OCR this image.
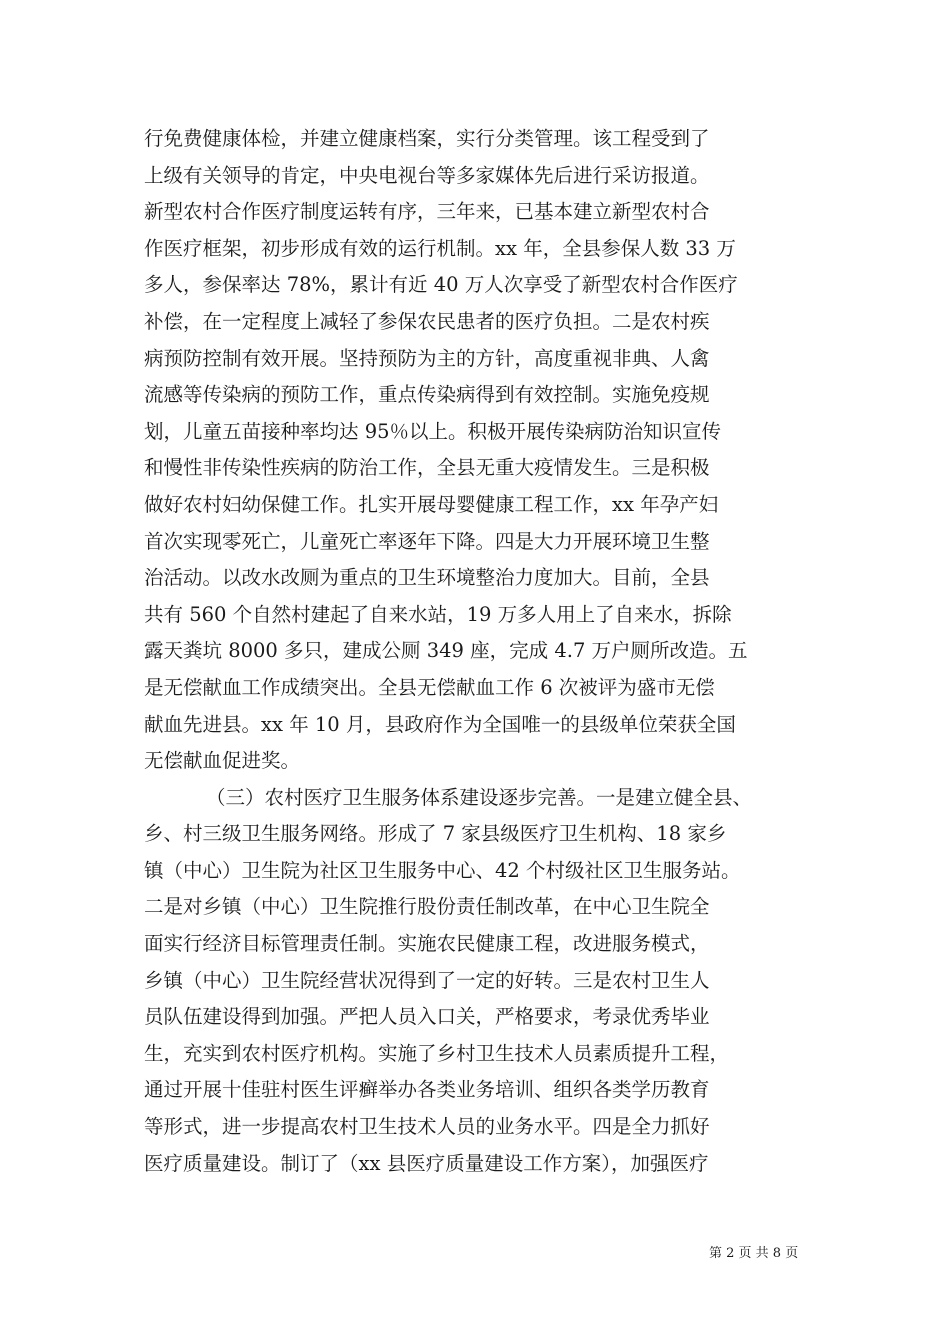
行免费健康体检，并建立健康档案，实行分类管理。该工程受到了
上级有关领导的肯定，中央电视台等多家媒体先后进行采访报道。
新型农村合作医疗制度运转有序，三年来，已基本建立新型农村合
作医疗框架，初步形成有效的运行机制。xx 年，全县参保人数 33 万
多人，参保率达 78%，累计有近 40 万人次享受了新型农村合作医疗
补偿，在一定程度上减轻了参保农民患者的医疗负担。二是农村疾
病预防控制有效开展。坚持预防为主的方针，高度重视非典、人禽
流感等传染病的预防工作，重点传染病得到有效控制。实施免疫规
划，儿童五苗接种率均达 95％以上。积极开展传染病防治知识宣传
和慢性非传染性疾病的防治工作，全县无重大疫情发生。三是积极
做好农村妇幼保健工作。扎实开展母婴健康工程工作，xx 年孕产妇
首次实现零死亡，儿童死亡率逐年下降。四是大力开展环境卫生整
治活动。以改水改厕为重点的卫生环境整治力度加大。目前，全县
共有 560 个自然村建起了自来水站，19 万多人用上了自来水，拆除
露天粪坑 8000 多只，建成公厕 349 座，完成 4.7 万户厕所改造。五
是无偿献血工作成绩突出。全县无偿献血工作 6 次被评为盛市无偿
献血先进县。xx 年 10 月，县政府作为全国唯一的县级单位荣获全国
无偿献血促进奖。
（三）农村医疗卫生服务体系建设逐步完善。一是建立健全县、
乡、村三级卫生服务网络。形成了 7 家县级医疗卫生机构、18 家乡
镇（中心）卫生院为社区卫生服务中心、42 个村级社区卫生服务站。
二是对乡镇（中心）卫生院推行股份责任制改革，在中心卫生院全
面实行经济目标管理责任制。实施农民健康工程，改进服务模式，
乡镇（中心）卫生院经营状况得到了一定的好转。三是农村卫生人
员队伍建设得到加强。严把人员入口关，严格要求，考录优秀毕业
生，充实到农村医疗机构。实施了乡村卫生技术人员素质提升工程，
通过开展十佳驻村医生评癣举办各类业务培训、组织各类学历教育
等形式，进一步提高农村卫生技术人员的业务水平。四是全力抓好
医疗质量建设。制订了（xx 县医疗质量建设工作方案），加强医疗
第 2 页 共 8 页
